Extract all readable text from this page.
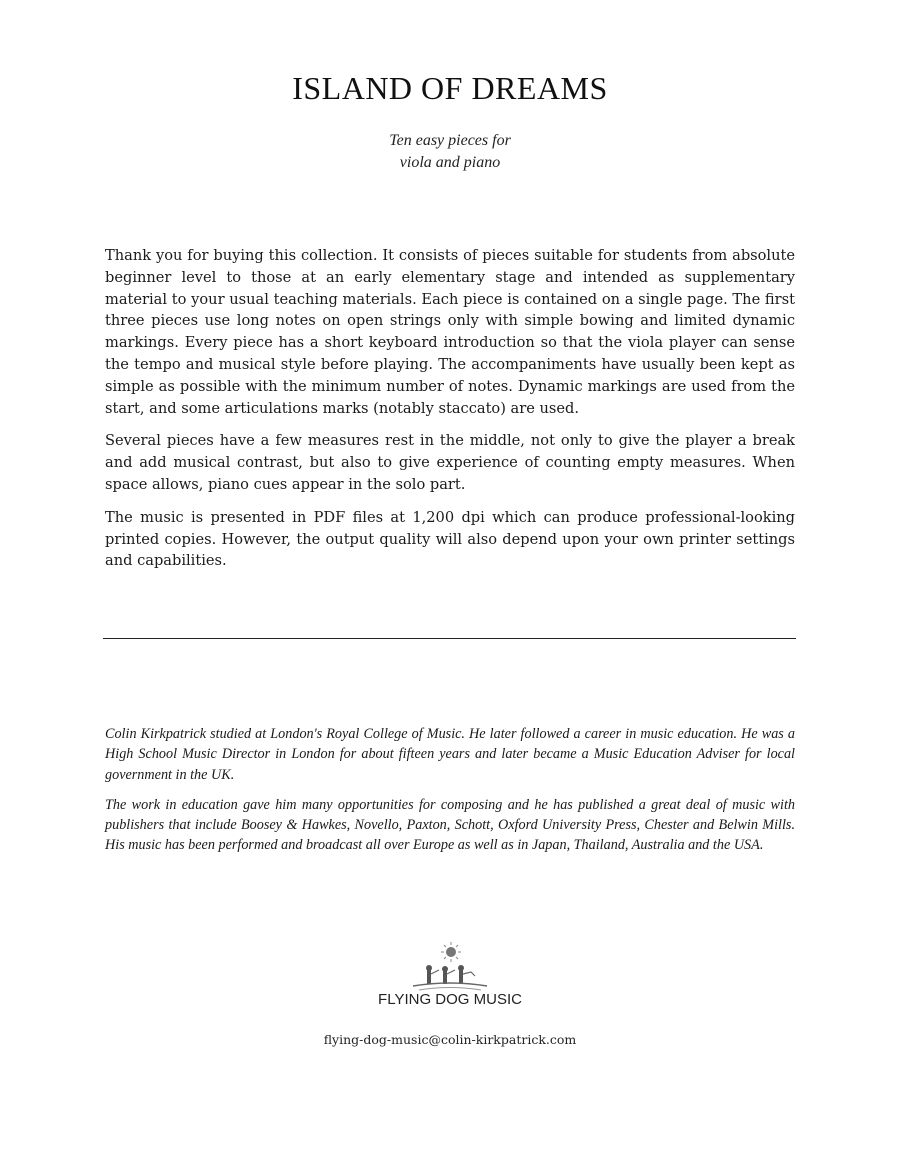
ISLAND OF DREAMS
Ten easy pieces for
viola and piano

Thank you for buying this collection. It consists of pieces suitable for students from absolute beginner level to those at an early elementary stage and intended as supplementary material to your usual teaching materials. Each piece is contained on a single page. The first three pieces use long notes on open strings only with simple bowing and limited dynamic markings. Every piece has a short keyboard introduction so that the viola player can sense the tempo and musical style before playing. The accompaniments have usually been kept as simple as possible with the minimum number of notes. Dynamic markings are used from the start, and some articulations marks (notably staccato) are used.

Several pieces have a few measures rest in the middle, not only to give the player a break and add musical contrast, but also to give experience of counting empty measures. When space allows, piano cues appear in the solo part.

The music is presented in PDF files at 1,200 dpi which can produce professional-looking printed copies. However, the output quality will also depend upon your own printer settings and capabilities.

Colin Kirkpatrick studied at London's Royal College of Music. He later followed a career in music education. He was a High School Music Director in London for about fifteen years and later became a Music Education Adviser for local government in the UK.

The work in education gave him many opportunities for composing and he has published a great deal of music with publishers that include Boosey & Hawkes, Novello, Paxton, Schott, Oxford University Press, Chester and Belwin Mills. His music has been performed and broadcast all over Europe as well as in Japan, Thailand, Australia and the USA.

FLYING DOG MUSIC
flying-dog-music@colin-kirkpatrick.com
